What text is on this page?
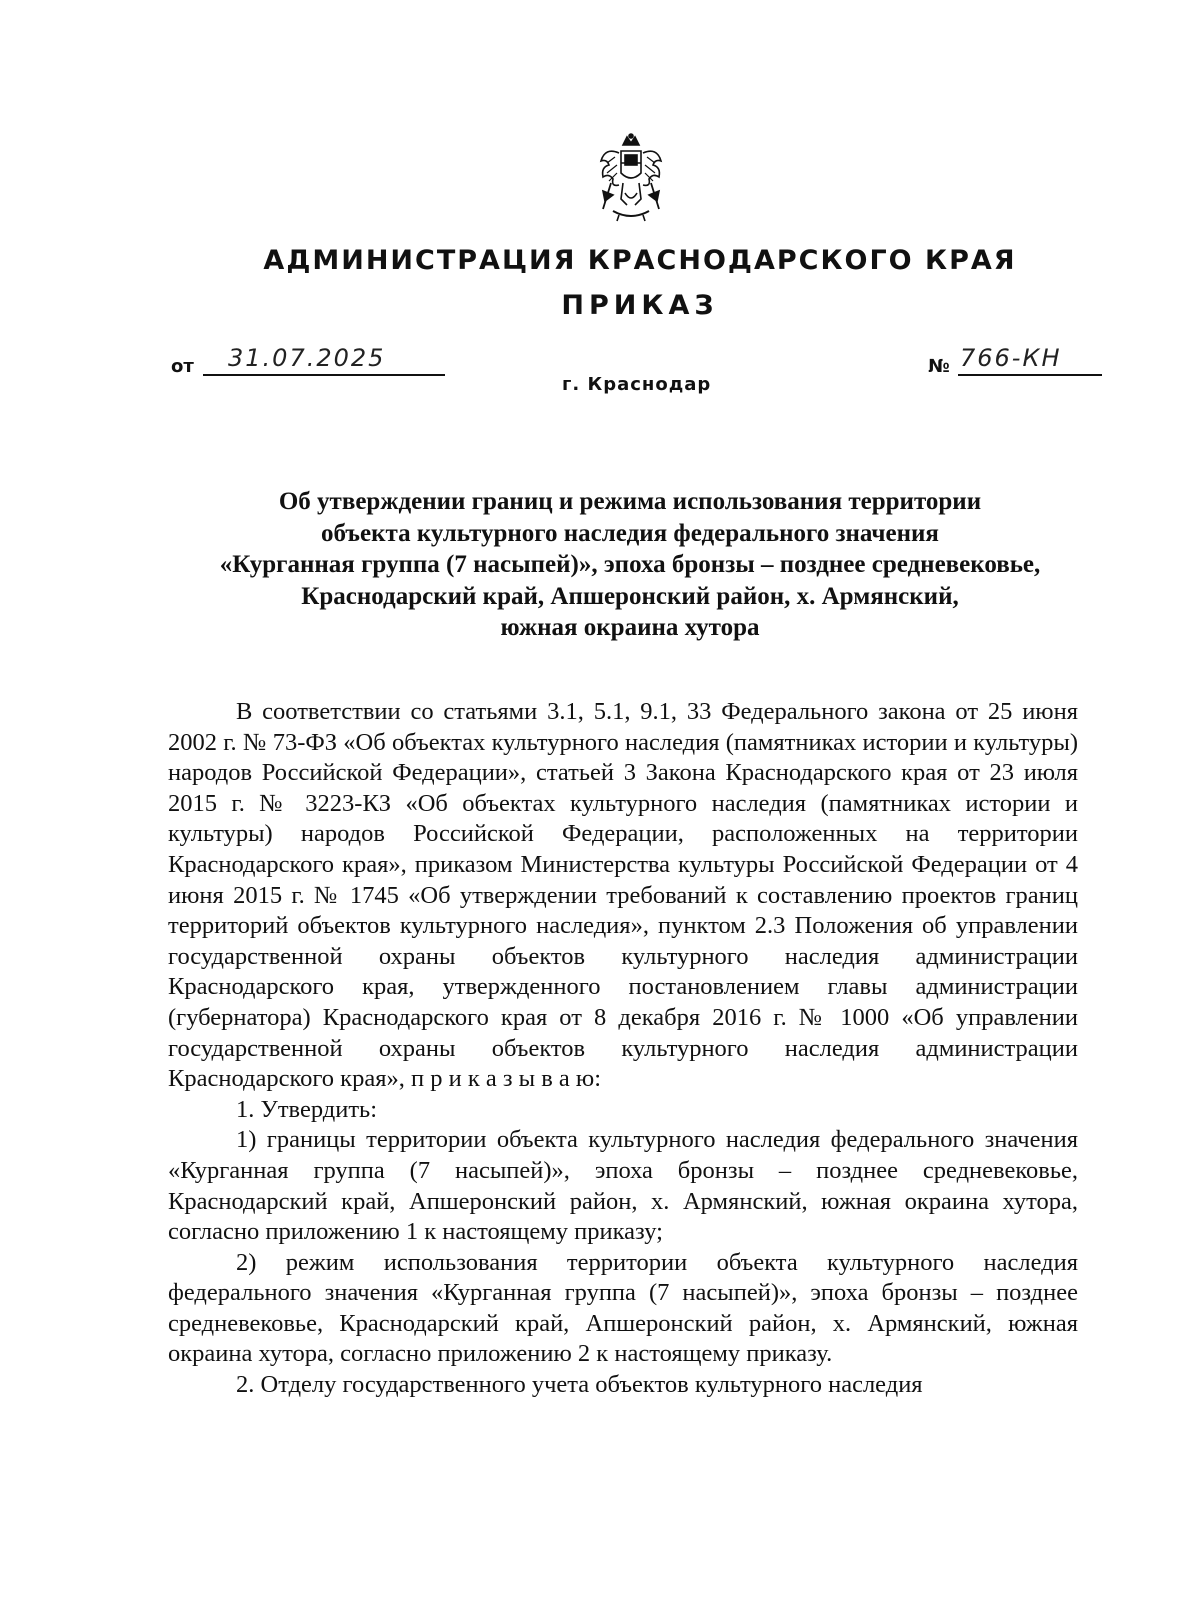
АДМИНИСТРАЦИЯ КРАСНОДАРСКОГО КРАЯ
ПРИКАЗ
от 31.07.2025	№ 766-КН
г. Краснодар
Об утверждении границ и режима использования территории
объекта культурного наследия федерального значения
«Курганная группа (7 насыпей)», эпоха бронзы – позднее средневековье,
Краснодарский край, Апшеронский район, х. Армянский,
южная окраина хутора

В соответствии со статьями 3.1, 5.1, 9.1, 33 Федерального закона от 25 июня 2002 г. № 73-ФЗ «Об объектах культурного наследия (памятниках истории и культуры) народов Российской Федерации», статьей 3 Закона Краснодарского края от 23 июля 2015 г. № 3223-КЗ «Об объектах культурного наследия (памятниках истории и культуры) народов Российской Федерации, расположенных на территории Краснодарского края», приказом Министерства культуры Российской Федерации от 4 июня 2015 г. № 1745 «Об утверждении требований к составлению проектов границ территорий объектов культурного наследия», пунктом 2.3 Положения об управлении государственной охраны объектов культурного наследия администрации Краснодарского края, утвержденного постановлением главы администрации (губернатора) Краснодарского края от 8 декабря 2016 г. № 1000 «Об управлении государственной охраны объектов культурного наследия администрации Краснодарского края», п р и к а з ы в а ю:

1. Утвердить:

1) границы территории объекта культурного наследия федерального значения «Курганная группа (7 насыпей)», эпоха бронзы – позднее средневековье, Краснодарский край, Апшеронский район, х. Армянский, южная окраина хутора, согласно приложению 1 к настоящему приказу;

2) режим использования территории объекта культурного наследия федерального значения «Курганная группа (7 насыпей)», эпоха бронзы – позднее средневековье, Краснодарский край, Апшеронский район, х. Армянский, южная окраина хутора, согласно приложению 2 к настоящему приказу.

2. Отделу государственного учета объектов культурного наследия
